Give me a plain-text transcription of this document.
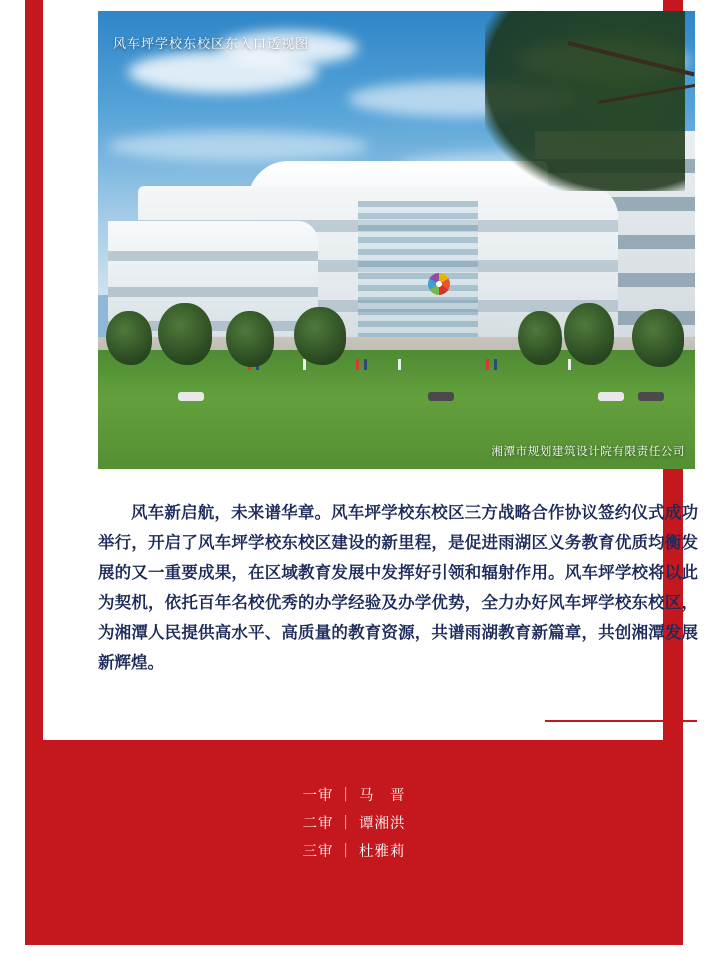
风车坪学校东校区东入口透视图
湘潭市规划建筑设计院有限责任公司
风车新启航，未来谱华章。风车坪学校东校区三方战略合作协议签约仪式成功举行，开启了风车坪学校东校区建设的新里程，是促进雨湖区义务教育优质均衡发展的又一重要成果，在区域教育发展中发挥好引领和辐射作用。风车坪学校将以此为契机，依托百年名校优秀的办学经验及办学优势，全力办好风车坪学校东校区，为湘潭人民提供高水平、高质量的教育资源，共谱雨湖教育新篇章，共创湘潭发展新辉煌。
一审 ｜ 马　晋
二审 ｜ 谭湘洪
三审 ｜ 杜雅莉
